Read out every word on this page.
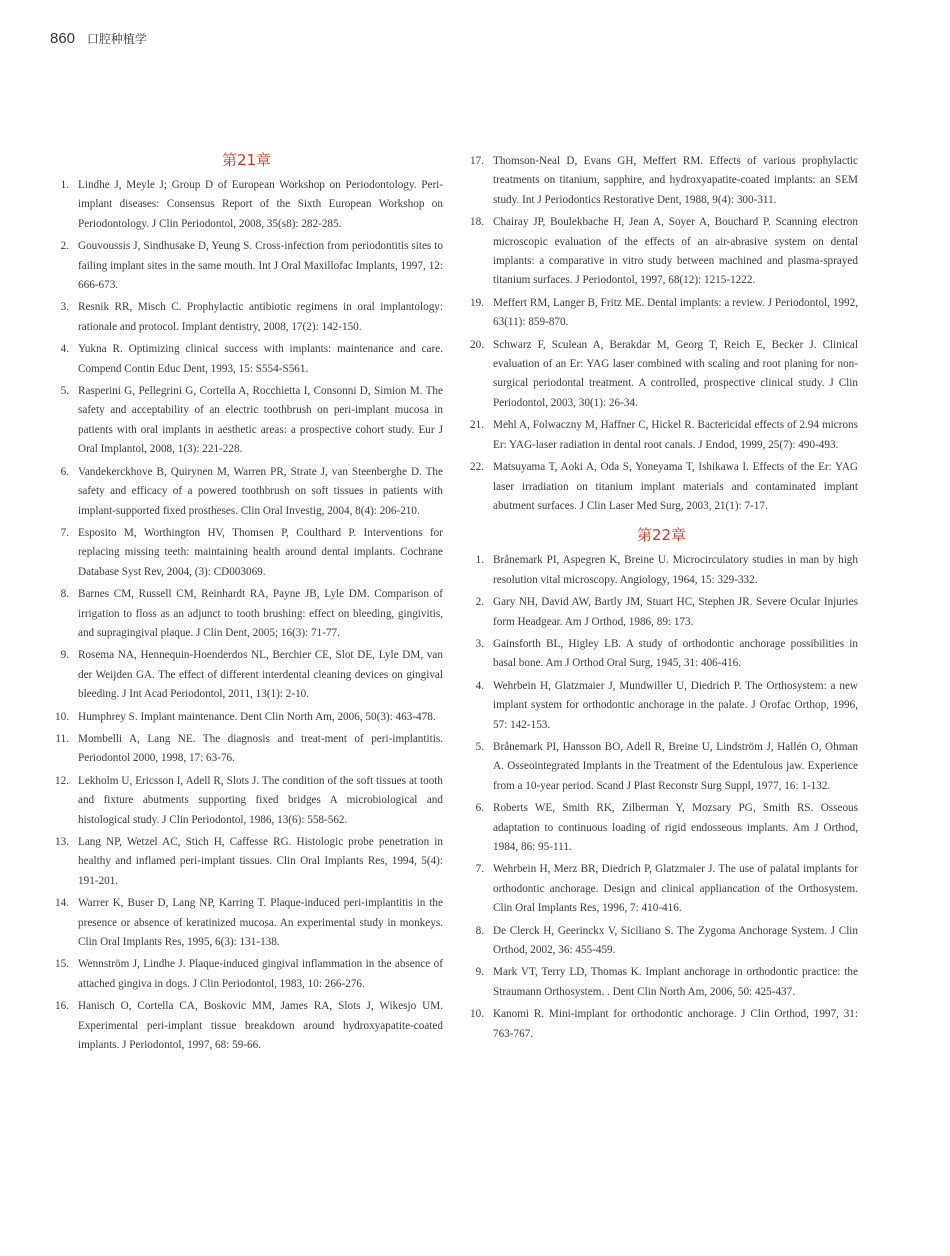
860 口腔种植学
第21章
1. Lindhe J, Meyle J; Group D of European Workshop on Periodontology. Peri-implant diseases: Consensus Report of the Sixth European Workshop on Periodontology. J Clin Periodontol, 2008, 35(s8): 282-285.
2. Gouvoussis J, Sindhusake D, Yeung S. Cross-infection from periodontitis sites to failing implant sites in the same mouth. Int J Oral Maxillofac Implants, 1997, 12: 666-673.
3. Resnik RR, Misch C. Prophylactic antibiotic regimens in oral implantology: rationale and protocol. Implant dentistry, 2008, 17(2): 142-150.
4. Yukna R. Optimizing clinical success with implants: maintenance and care. Compend Contin Educ Dent, 1993, 15: S554-S561.
5. Rasperini G, Pellegrini G, Cortella A, Rocchietta I, Consonni D, Simion M. The safety and acceptability of an electric toothbrush on peri-implant mucosa in patients with oral implants in aesthetic areas: a prospective cohort study. Eur J Oral Implantol, 2008, 1(3): 221-228.
6. Vandekerckhove B, Quirynen M, Warren PR, Strate J, van Steenberghe D. The safety and efficacy of a powered toothbrush on soft tissues in patients with implant-supported fixed prostheses. Clin Oral Investig, 2004, 8(4): 206-210.
7. Esposito M, Worthington HV, Thomsen P, Coulthard P. Interventions for replacing missing teeth: maintaining health around dental implants. Cochrane Database Syst Rev, 2004, (3): CD003069.
8. Barnes CM, Russell CM, Reinhardt RA, Payne JB, Lyle DM. Comparison of irrigation to floss as an adjunct to tooth brushing: effect on bleeding, gingivitis, and supragingival plaque. J Clin Dent, 2005; 16(3): 71-77.
9. Rosema NA, Hennequin-Hoenderdos NL, Berchier CE, Slot DE, Lyle DM, van der Weijden GA. The effect of different interdental cleaning devices on gingival bleeding. J Int Acad Periodontol, 2011, 13(1): 2-10.
10. Humphrey S. Implant maintenance. Dent Clin North Am, 2006, 50(3): 463-478.
11. Mombelli A, Lang NE. The diagnosis and treat-ment of peri-implantitis. Periodontol 2000, 1998, 17: 63-76.
12. Lekholm U, Ericsson I, Adell R, Slots J. The condition of the soft tissues at tooth and fixture abutments supporting fixed bridges A microbiological and histological study. J Clin Periodontol, 1986, 13(6): 558-562.
13. Lang NP, Wetzel AC, Stich H, Caffesse RG. Histologic probe penetration in healthy and inflamed peri-implant tissues. Clin Oral Implants Res, 1994, 5(4): 191-201.
14. Warrer K, Buser D, Lang NP, Karring T. Plaque-induced peri-implantitis in the presence or absence of keratinized mucosa. An experimental study in monkeys. Clin Oral Implants Res, 1995, 6(3): 131-138.
15. Wennström J, Lindhe J. Plaque-induced gingival inflammation in the absence of attached gingiva in dogs. J Clin Periodontol, 1983, 10: 266-276.
16. Hanisch O, Cortella CA, Boskovic MM, James RA, Slots J, Wikesjo UM. Experimental peri-implant tissue breakdown around hydroxyapatite-coated implants. J Periodontol, 1997, 68: 59-66.
17. Thomson-Neal D, Evans GH, Meffert RM. Effects of various prophylactic treatments on titanium, sapphire, and hydroxyapatite-coated implants: an SEM study. Int J Periodontics Restorative Dent, 1988, 9(4): 300-311.
18. Chairay JP, Boulekbache H, Jean A, Soyer A, Bouchard P. Scanning electron microscopic evaluation of the effects of an air-abrasive system on dental implants: a comparative in vitro study between machined and plasma-sprayed titanium surfaces. J Periodontol, 1997, 68(12): 1215-1222.
19. Meffert RM, Langer B, Fritz ME. Dental implants: a review. J Periodontol, 1992, 63(11): 859-870.
20. Schwarz F, Sculean A, Berakdar M, Georg T, Reich E, Becker J. Clinical evaluation of an Er: YAG laser combined with scaling and root planing for non-surgical periodontal treatment. A controlled, prospective clinical study. J Clin Periodontol, 2003, 30(1): 26-34.
21. Mehl A, Folwaczny M, Haffner C, Hickel R. Bactericidal effects of 2.94 microns Er: YAG-laser radiation in dental root canals. J Endod, 1999, 25(7): 490-493.
22. Matsuyama T, Aoki A, Oda S, Yoneyama T, Ishikawa I. Effects of the Er: YAG laser irradiation on titanium implant materials and contaminated implant abutment surfaces. J Clin Laser Med Surg, 2003, 21(1): 7-17.
第22章
1. Brånemark PI, Aspegren K, Breine U. Microcirculatory studies in man by high resolution vital microscopy. Angiology, 1964, 15: 329-332.
2. Gary NH, David AW, Bartly JM, Stuart HC, Stephen JR. Severe Ocular Injuries form Headgear. Am J Orthod, 1986, 89: 173.
3. Gainsforth BL, Higley LB. A study of orthodontic anchorage possibilities in basal bone. Am J Orthod Oral Surg, 1945, 31: 406-416.
4. Wehrbein H, Glatzmaier J, Mundwiller U, Diedrich P. The Orthosystem: a new implant system for orthodontic anchorage in the palate. J Orofac Orthop, 1996, 57: 142-153.
5. Brånemark PI, Hansson BO, Adell R, Breine U, Lindström J, Hallén O, Ohman A. Osseointegrated Implants in the Treatment of the Edentulous jaw. Experience from a 10-year period. Scand J Plast Reconstr Surg Suppl, 1977, 16: 1-132.
6. Roberts WE, Smith RK, Zilberman Y, Mozsary PG, Smith RS. Osseous adaptation to continuous loading of rigid endosseous implants. Am J Orthod, 1984, 86: 95-111.
7. Wehrbein H, Merz BR, Diedrich P, Glatzmaier J. The use of palatal implants for orthodontic anchorage. Design and clinical appliancation of the Orthosystem. Clin Oral Implants Res, 1996, 7: 410-416.
8. De Clerck H, Geerinckx V, Siciliano S. The Zygoma Anchorage System. J Clin Orthod, 2002, 36: 455-459.
9. Mark VT, Terry LD, Thomas K. Implant anchorage in orthodontic practice: the Straumann Orthosystem. . Dent Clin North Am, 2006, 50: 425-437.
10. Kanomi R. Mini-implant for orthodontic anchorage. J Clin Orthod, 1997, 31: 763-767.
